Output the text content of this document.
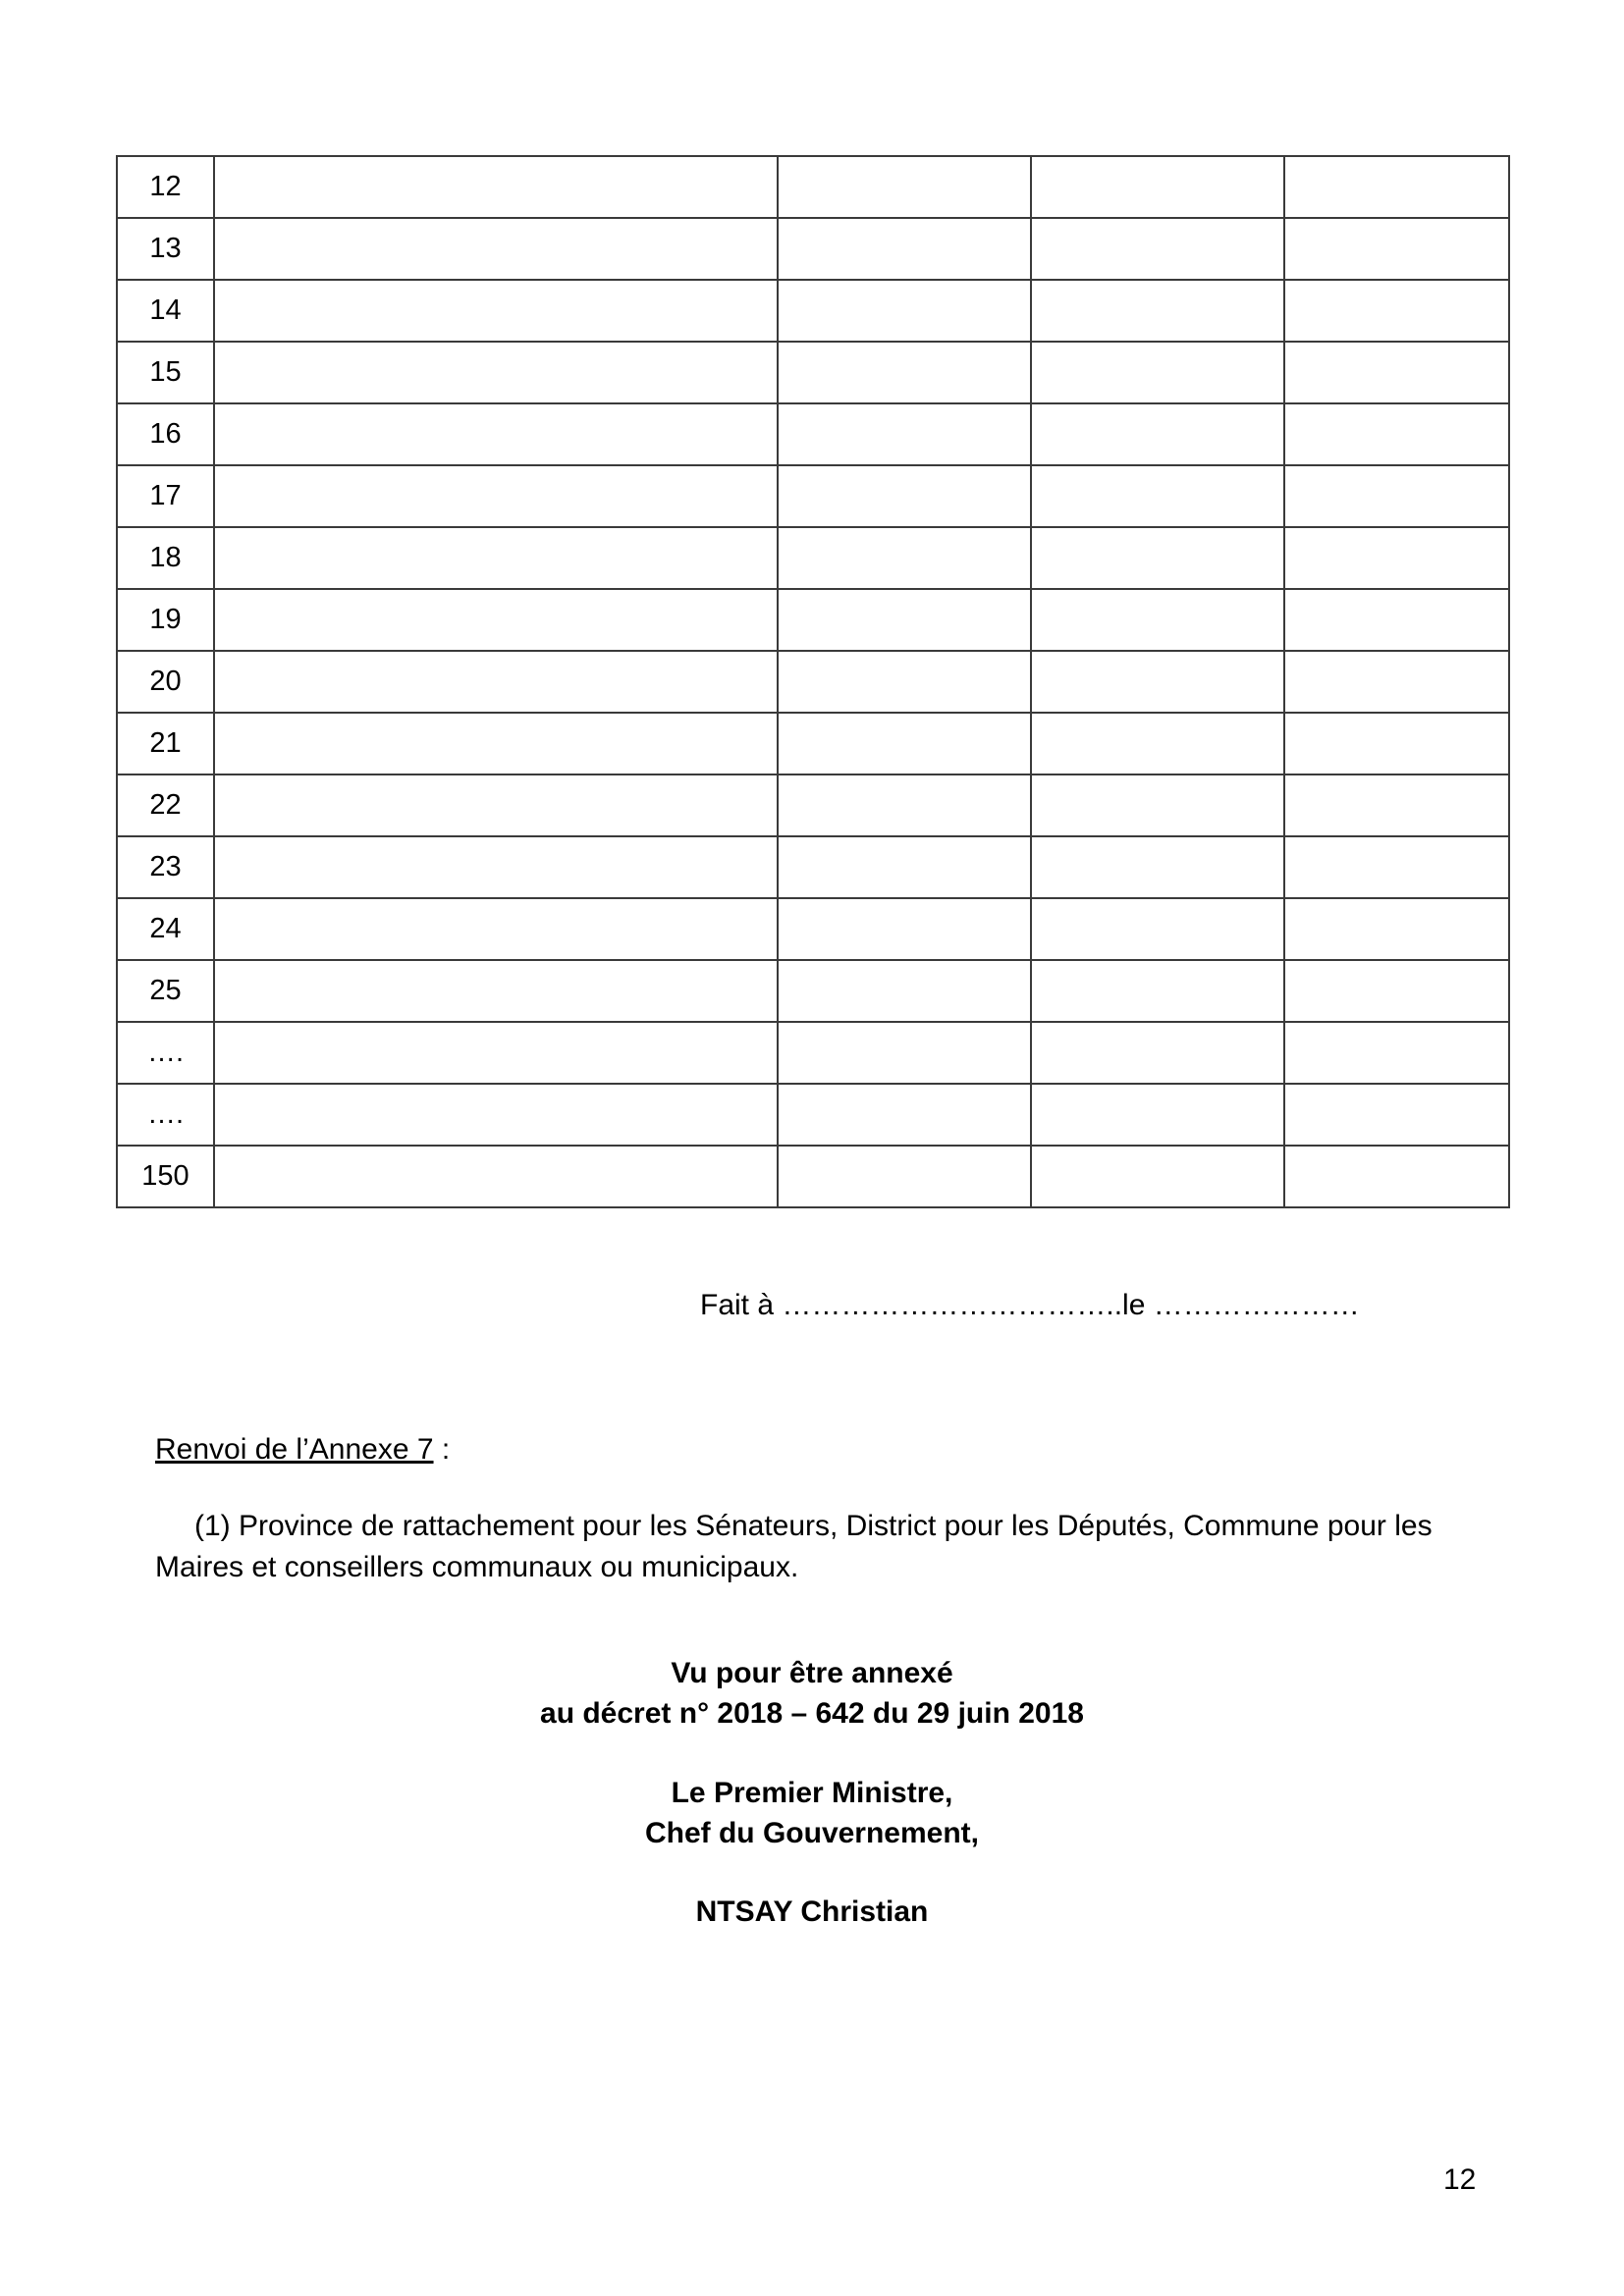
12				
13				
14				
15				
16				
17				
18				
19				
20				
21				
22				
23				
24				
25				
….				
….				
150				
Fait à ……………………………..le …………………
Renvoi de l’Annexe 7 :
(1) Province de rattachement pour les Sénateurs, District pour les Députés, Commune pour les Maires et conseillers communaux ou municipaux.
Vu pour être annexé
au décret n° 2018 – 642 du 29 juin 2018
Le Premier Ministre,
Chef du Gouvernement,
NTSAY Christian
12
